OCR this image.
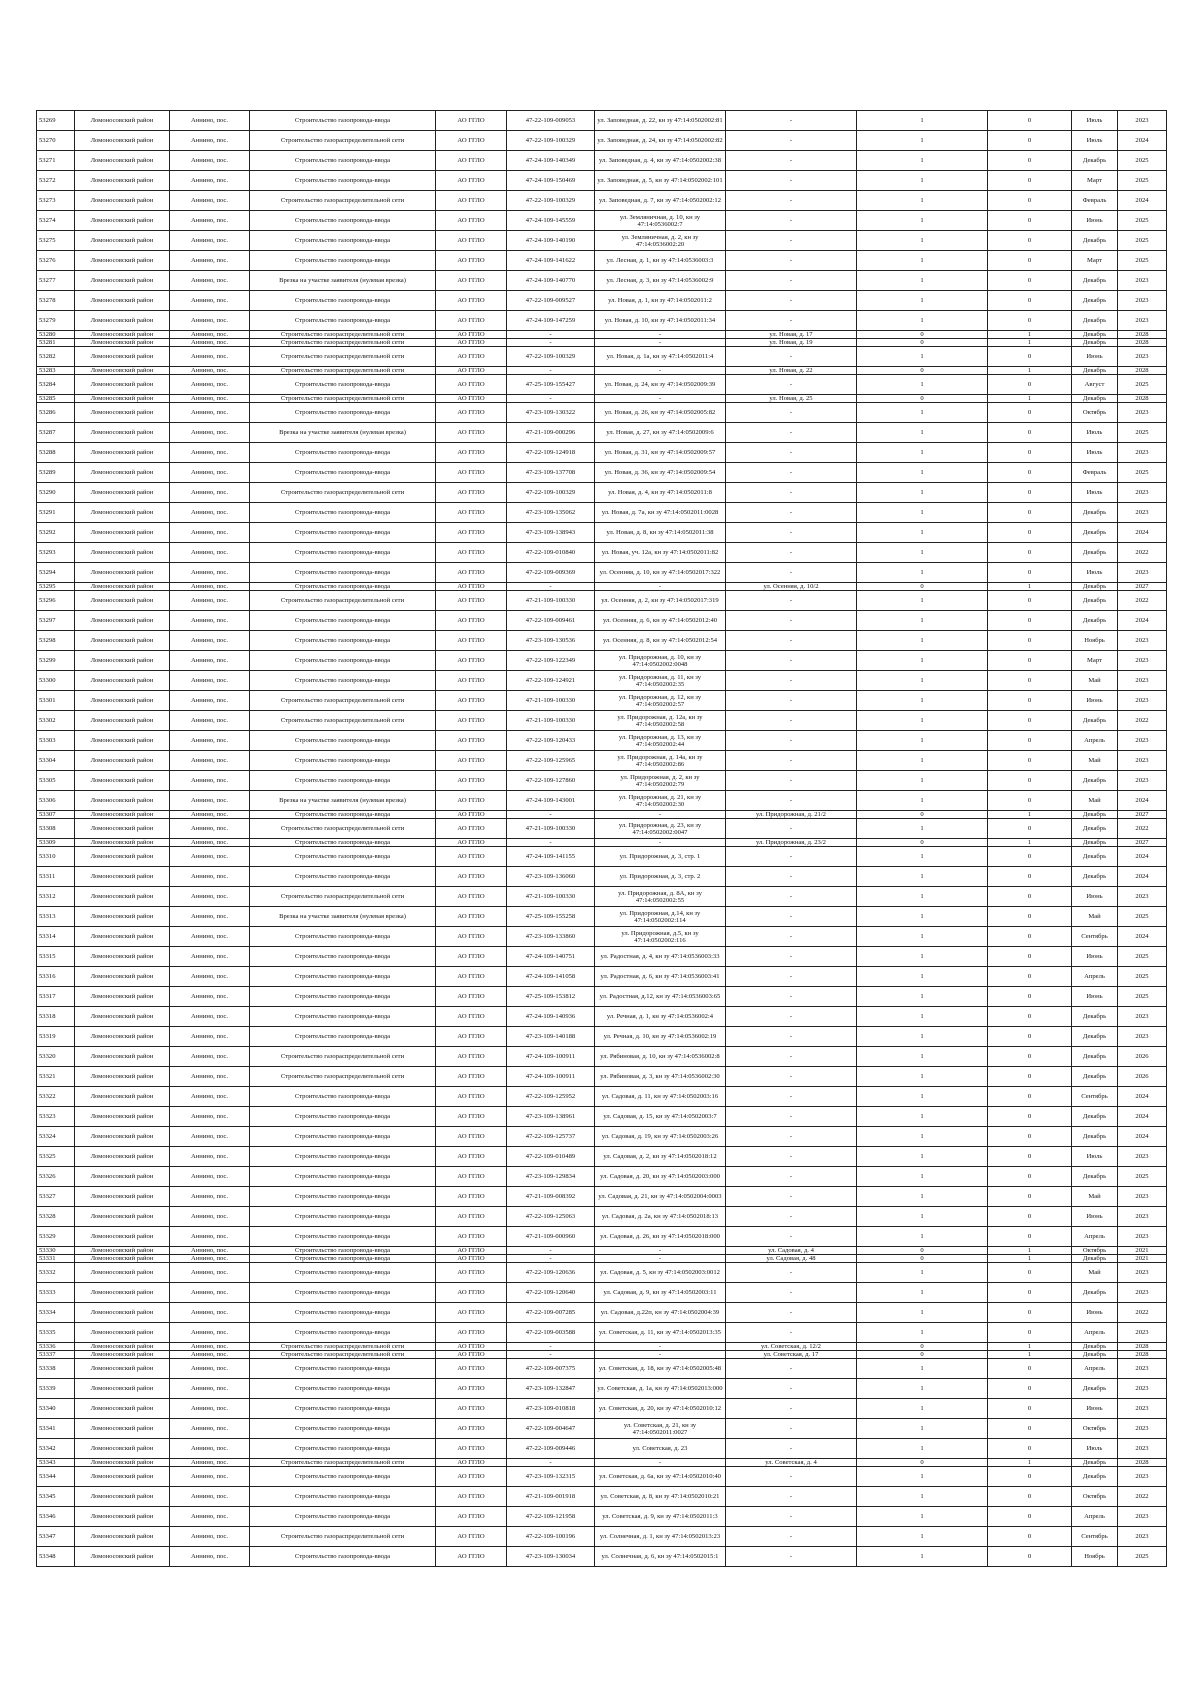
53269	Ломоносовский район	Аннино, пос.	Строительство газопровода-ввода	АО ГГЛО	47-22-109-009053	ул. Заповедная, д. 22, кн зу 47:14:0502002:81	-	1	0	Июль	2023
53270	Ломоносовский район	Аннино, пос.	Строительство газораспределительной сети	АО ГГЛО	47-22-109-100329	ул. Заповедная, д. 24, кн зу 47:14:0502002:82	-	1	0	Июль	2024
53271	Ломоносовский район	Аннино, пос.	Строительство газопровода-ввода	АО ГГЛО	47-24-109-140349	ул. Заповедная, д. 4, кн зу 47:14:0502002:38	-	1	0	Декабрь	2025
53272	Ломоносовский район	Аннино, пос.	Строительство газопровода-ввода	АО ГГЛО	47-24-109-150469	ул. Заповедная, д. 5, кн зу 47:14:0502002:101	-	1	0	Март	2025
53273	Ломоносовский район	Аннино, пос.	Строительство газораспределительной сети	АО ГГЛО	47-22-109-100329	ул. Заповедная, д. 7, кн зу 47:14:0502002:12	-	1	0	Февраль	2024
53274	Ломоносовский район	Аннино, пос.	Строительство газопровода-ввода	АО ГГЛО	47-24-109-145559	ул. Земляничная, д. 10, кн зу 47:14:0536002:7	-	1	0	Июнь	2025
53275	Ломоносовский район	Аннино, пос.	Строительство газопровода-ввода	АО ГГЛО	47-24-109-140190	ул. Земляничная, д. 2, кн зу 47:14:0536002:20	-	1	0	Декабрь	2025
53276	Ломоносовский район	Аннино, пос.	Строительство газопровода-ввода	АО ГГЛО	47-24-109-141622	ул. Лесная, д. 1, кн зу 47:14:0536003:3	-	1	0	Март	2025
53277	Ломоносовский район	Аннино, пос.	Врезка на участке заявителя (нулевая врезка)	АО ГГЛО	47-24-109-140770	ул. Лесная, д. 3, кн зу 47:14:0536002:9	-	1	0	Декабрь	2023
53278	Ломоносовский район	Аннино, пос.	Строительство газопровода-ввода	АО ГГЛО	47-22-109-009527	ул. Новая, д. 1, кн зу 47:14:0502011:2	-	1	0	Декабрь	2023
53279	Ломоносовский район	Аннино, пос.	Строительство газопровода-ввода	АО ГГЛО	47-24-109-147259	ул. Новая, д. 10, кн зу 47:14:0502011:34	-	1	0	Декабрь	2023
53280	Ломоносовский район	Аннино, пос.	Строительство газораспределительной сети	АО ГГЛО	-	-	ул. Новая, д. 17	0	1	Декабрь	2028
53281	Ломоносовский район	Аннино, пос.	Строительство газораспределительной сети	АО ГГЛО	-	-	ул. Новая, д. 19	0	1	Декабрь	2028
53282	Ломоносовский район	Аннино, пос.	Строительство газораспределительной сети	АО ГГЛО	47-22-109-100329	ул. Новая, д. 1а, кн зу 47:14:0502011:4	-	1	0	Июнь	2023
53283	Ломоносовский район	Аннино, пос.	Строительство газораспределительной сети	АО ГГЛО	-	-	ул. Новая, д. 22	0	1	Декабрь	2028
53284	Ломоносовский район	Аннино, пос.	Строительство газопровода-ввода	АО ГГЛО	47-25-109-155427	ул. Новая, д. 24, кн зу 47:14:0502009:39	-	1	0	Август	2025
53285	Ломоносовский район	Аннино, пос.	Строительство газораспределительной сети	АО ГГЛО	-	-	ул. Новая, д. 25	0	1	Декабрь	2028
53286	Ломоносовский район	Аннино, пос.	Строительство газопровода-ввода	АО ГГЛО	47-23-109-130322	ул. Новая, д. 26, кн зу 47:14:0502005:82	-	1	0	Октябрь	2023
53287	Ломоносовский район	Аннино, пос.	Врезка на участке заявителя (нулевая врезка)	АО ГГЛО	47-21-109-000296	ул. Новая, д. 27, кн зу 47:14:0502009:6	-	1	0	Июль	2025
53288	Ломоносовский район	Аннино, пос.	Строительство газопровода-ввода	АО ГГЛО	47-22-109-124918	ул. Новая, д. 31, кн зу 47:14:0502009:57	-	1	0	Июль	2023
53289	Ломоносовский район	Аннино, пос.	Строительство газопровода-ввода	АО ГГЛО	47-23-109-137708	ул. Новая, д. 36, кн зу 47:14:0502009:54	-	1	0	Февраль	2025
53290	Ломоносовский район	Аннино, пос.	Строительство газораспределительной сети	АО ГГЛО	47-22-109-100329	ул. Новая, д. 4, кн зу 47:14:0502011:8	-	1	0	Июль	2023
53291	Ломоносовский район	Аннино, пос.	Строительство газопровода-ввода	АО ГГЛО	47-23-109-135062	ул. Новая, д. 7а, кн зу 47:14:0502011:0028	-	1	0	Декабрь	2023
53292	Ломоносовский район	Аннино, пос.	Строительство газопровода-ввода	АО ГГЛО	47-23-109-138943	ул. Новая, д. 8, кн зу 47:14:0502011:38	-	1	0	Декабрь	2024
53293	Ломоносовский район	Аннино, пос.	Строительство газопровода-ввода	АО ГГЛО	47-22-109-010840	ул. Новая, уч. 12а, кн зу 47:14:0502011:82	-	1	0	Декабрь	2022
53294	Ломоносовский район	Аннино, пос.	Строительство газопровода-ввода	АО ГГЛО	47-22-109-009369	ул. Осенняя, д. 10, кн зу 47:14:0502017:322	-	1	0	Июль	2023
53295	Ломоносовский район	Аннино, пос.	Строительство газопровода-ввода	АО ГГЛО	-	-	ул. Осенняя, д. 10/2	0	1	Декабрь	2027
53296	Ломоносовский район	Аннино, пос.	Строительство газораспределительной сети	АО ГГЛО	47-21-109-100330	ул. Осенняя, д. 2, кн зу 47:14:0502017:319	-	1	0	Декабрь	2022
53297	Ломоносовский район	Аннино, пос.	Строительство газопровода-ввода	АО ГГЛО	47-22-109-009461	ул. Осенняя, д. 6, кн зу 47:14:0502012:40	-	1	0	Декабрь	2024
53298	Ломоносовский район	Аннино, пос.	Строительство газопровода-ввода	АО ГГЛО	47-23-109-130536	ул. Осенняя, д. 8, кн зу 47:14:0502012:54	-	1	0	Ноябрь	2023
53299	Ломоносовский район	Аннино, пос.	Строительство газопровода-ввода	АО ГГЛО	47-22-109-122349	ул. Придорожная, д. 10, кн зу 47:14:0502002:0048	-	1	0	Март	2023
53300	Ломоносовский район	Аннино, пос.	Строительство газопровода-ввода	АО ГГЛО	47-22-109-124921	ул. Придорожная, д. 11, кн зу 47:14:0502002:35	-	1	0	Май	2023
53301	Ломоносовский район	Аннино, пос.	Строительство газораспределительной сети	АО ГГЛО	47-21-109-100330	ул. Придорожная, д. 12, кн зу 47:14:0502002:57	-	1	0	Июнь	2023
53302	Ломоносовский район	Аннино, пос.	Строительство газораспределительной сети	АО ГГЛО	47-21-109-100330	ул. Придорожная, д. 12а, кн зу 47:14:0502002:58	-	1	0	Декабрь	2022
53303	Ломоносовский район	Аннино, пос.	Строительство газопровода-ввода	АО ГГЛО	47-22-109-120433	ул. Придорожная, д. 13, кн зу 47:14:0502002:44	-	1	0	Апрель	2023
53304	Ломоносовский район	Аннино, пос.	Строительство газопровода-ввода	АО ГГЛО	47-22-109-125965	ул. Придорожная, д. 14а, кн зу 47:14:0502002:86	-	1	0	Май	2023
53305	Ломоносовский район	Аннино, пос.	Строительство газопровода-ввода	АО ГГЛО	47-22-109-127860	ул. Придорожная, д. 2, кн зу 47:14:0502002:79	-	1	0	Декабрь	2023
53306	Ломоносовский район	Аннино, пос.	Врезка на участке заявителя (нулевая врезка)	АО ГГЛО	47-24-109-143001	ул. Придорожная, д. 21, кн зу 47:14:0502002:30	-	1	0	Май	2024
53307	Ломоносовский район	Аннино, пос.	Строительство газопровода-ввода	АО ГГЛО	-	-	ул. Придорожная, д. 21/2	0	1	Декабрь	2027
53308	Ломоносовский район	Аннино, пос.	Строительство газораспределительной сети	АО ГГЛО	47-21-109-100330	ул. Придорожная, д. 23, кн зу 47:14:0502002:0047	-	1	0	Декабрь	2022
53309	Ломоносовский район	Аннино, пос.	Строительство газопровода-ввода	АО ГГЛО	-	-	ул. Придорожная, д. 23/2	0	1	Декабрь	2027
53310	Ломоносовский район	Аннино, пос.	Строительство газопровода-ввода	АО ГГЛО	47-24-109-141155	ул. Придорожная, д. 3, стр. 1	-	1	0	Декабрь	2024
53311	Ломоносовский район	Аннино, пос.	Строительство газопровода-ввода	АО ГГЛО	47-23-109-136060	ул. Придорожная, д. 3, стр. 2	-	1	0	Декабрь	2024
53312	Ломоносовский район	Аннино, пос.	Строительство газораспределительной сети	АО ГГЛО	47-21-109-100330	ул. Придорожная, д. 8А, кн зу 47:14:0502002:55	-	1	0	Июнь	2023
53313	Ломоносовский район	Аннино, пос.	Врезка на участке заявителя (нулевая врезка)	АО ГГЛО	47-25-109-155258	ул. Придорожная, д.14, кн зу 47:14:0502002:114	-	1	0	Май	2025
53314	Ломоносовский район	Аннино, пос.	Строительство газопровода-ввода	АО ГГЛО	47-23-109-133860	ул. Придорожная, д.5, кн зу 47:14:0502002:116	-	1	0	Сентябрь	2024
53315	Ломоносовский район	Аннино, пос.	Строительство газопровода-ввода	АО ГГЛО	47-24-109-140751	ул. Радостная, д. 4, кн зу 47:14:0536003:33	-	1	0	Июнь	2025
53316	Ломоносовский район	Аннино, пос.	Строительство газопровода-ввода	АО ГГЛО	47-24-109-141058	ул. Радостная, д. 6, кн зу 47:14:0536003:41	-	1	0	Апрель	2025
53317	Ломоносовский район	Аннино, пос.	Строительство газопровода-ввода	АО ГГЛО	47-25-109-153812	ул. Радостная, д.12, кн зу 47:14:0536003:65	-	1	0	Июнь	2025
53318	Ломоносовский район	Аннино, пос.	Строительство газопровода-ввода	АО ГГЛО	47-24-109-140936	ул. Речная, д. 1, кн зу 47:14:0536002:4	-	1	0	Декабрь	2023
53319	Ломоносовский район	Аннино, пос.	Строительство газопровода-ввода	АО ГГЛО	47-23-109-140188	ул. Речная, д. 10, кн зу 47:14:0536002:19	-	1	0	Декабрь	2023
53320	Ломоносовский район	Аннино, пос.	Строительство газораспределительной сети	АО ГГЛО	47-24-109-100911	ул. Рябиновая, д. 10, кн зу 47:14:0536002:8	-	1	0	Декабрь	2026
53321	Ломоносовский район	Аннино, пос.	Строительство газораспределительной сети	АО ГГЛО	47-24-109-100911	ул. Рябиновая, д. 3, кн зу 47:14:0536002:30	-	1	0	Декабрь	2026
53322	Ломоносовский район	Аннино, пос.	Строительство газопровода-ввода	АО ГГЛО	47-22-109-125952	ул. Садовая, д. 11, кн зу 47:14:0502003:16	-	1	0	Сентябрь	2024
53323	Ломоносовский район	Аннино, пос.	Строительство газопровода-ввода	АО ГГЛО	47-23-109-138961	ул. Садовая, д. 15, кн зу 47:14:0502003:7	-	1	0	Декабрь	2024
53324	Ломоносовский район	Аннино, пос.	Строительство газопровода-ввода	АО ГГЛО	47-22-109-125737	ул. Садовая, д. 19, кн зу 47:14:0502003:26	-	1	0	Декабрь	2024
53325	Ломоносовский район	Аннино, пос.	Строительство газопровода-ввода	АО ГГЛО	47-22-109-010489	ул. Садовая, д. 2, кн зу 47:14:0502018:12	-	1	0	Июль	2023
53326	Ломоносовский район	Аннино, пос.	Строительство газопровода-ввода	АО ГГЛО	47-23-109-129834	ул. Садовая, д. 20, кн зу 47:14:0502003:000	-	1	0	Декабрь	2025
53327	Ломоносовский район	Аннино, пос.	Строительство газопровода-ввода	АО ГГЛО	47-21-109-008392	ул. Садовая, д. 21, кн зу 47:14:0502004:0003	-	1	0	Май	2023
53328	Ломоносовский район	Аннино, пос.	Строительство газопровода-ввода	АО ГГЛО	47-22-109-125063	ул. Садовая, д. 2а, кн зу 47:14:0502018:13	-	1	0	Июнь	2023
53329	Ломоносовский район	Аннино, пос.	Строительство газопровода-ввода	АО ГГЛО	47-21-109-000960	ул. Садовая, д. 26, кн зу 47:14:0502018:000	-	1	0	Апрель	2023
53330	Ломоносовский район	Аннино, пос.	Строительство газопровода-ввода	АО ГГЛО	-	-	ул. Садовая, д. 4	0	1	Октябрь	2021
53331	Ломоносовский район	Аннино, пос.	Строительство газопровода-ввода	АО ГГЛО	-	-	ул. Садовая, д. 48	0	1	Декабрь	2021
53332	Ломоносовский район	Аннино, пос.	Строительство газопровода-ввода	АО ГГЛО	47-22-109-120636	ул. Садовая, д. 5, кн зу 47:14:0502003:0012	-	1	0	Май	2023
53333	Ломоносовский район	Аннино, пос.	Строительство газопровода-ввода	АО ГГЛО	47-22-109-120640	ул. Садовая, д. 9, кн зу 47:14:0502003:11	-	1	0	Декабрь	2023
53334	Ломоносовский район	Аннино, пос.	Строительство газопровода-ввода	АО ГГЛО	47-22-109-007285	ул. Садовая, д.22п, кн зу 47:14:0502004:39	-	1	0	Июнь	2022
53335	Ломоносовский район	Аннино, пос.	Строительство газопровода-ввода	АО ГГЛО	47-22-109-003588	ул. Советская, д. 11, кн зу 47:14:0502013:35	-	1	0	Апрель	2023
53336	Ломоносовский район	Аннино, пос.	Строительство газораспределительной сети	АО ГГЛО	-	-	ул. Советская, д. 12/2	0	1	Декабрь	2028
53337	Ломоносовский район	Аннино, пос.	Строительство газораспределительной сети	АО ГГЛО	-	-	ул. Советская, д. 17	0	1	Декабрь	2028
53338	Ломоносовский район	Аннино, пос.	Строительство газопровода-ввода	АО ГГЛО	47-22-109-007375	ул. Советская, д. 18, кн зу 47:14:0502005:48	-	1	0	Апрель	2023
53339	Ломоносовский район	Аннино, пос.	Строительство газопровода-ввода	АО ГГЛО	47-23-109-132847	ул. Советская, д. 1а, кн зу 47:14:0502013:000	-	1	0	Декабрь	2023
53340	Ломоносовский район	Аннино, пос.	Строительство газопровода-ввода	АО ГГЛО	47-23-109-010818	ул. Советская, д. 20, кн зу 47:14:0502010:12	-	1	0	Июнь	2023
53341	Ломоносовский район	Аннино, пос.	Строительство газопровода-ввода	АО ГГЛО	47-22-109-004647	ул. Советская, д. 21, кн зу 47:14:0502011:0027	-	1	0	Октябрь	2023
53342	Ломоносовский район	Аннино, пос.	Строительство газопровода-ввода	АО ГГЛО	47-22-109-009446	ул. Советская, д. 23	-	1	0	Июль	2023
53343	Ломоносовский район	Аннино, пос.	Строительство газораспределительной сети	АО ГГЛО	-	-	ул. Советская, д. 4	0	1	Декабрь	2028
53344	Ломоносовский район	Аннино, пос.	Строительство газопровода-ввода	АО ГГЛО	47-23-109-132315	ул. Советская, д. 6а, кн зу 47:14:0502010:40	-	1	0	Декабрь	2023
53345	Ломоносовский район	Аннино, пос.	Строительство газопровода-ввода	АО ГГЛО	47-21-109-001918	ул. Советская, д. 8, кн зу 47:14:0502010:21	-	1	0	Октябрь	2022
53346	Ломоносовский район	Аннино, пос.	Строительство газопровода-ввода	АО ГГЛО	47-22-109-121958	ул. Советская, д. 9, кн зу 47:14:0502011:3	-	1	0	Апрель	2023
53347	Ломоносовский район	Аннино, пос.	Строительство газораспределительной сети	АО ГГЛО	47-22-109-100196	ул. Солнечная, д. 1, кн зу 47:14:0502013:23	-	1	0	Сентябрь	2023
53348	Ломоносовский район	Аннино, пос.	Строительство газопровода-ввода	АО ГГЛО	47-23-109-130034	ул. Солнечная, д. 6, кн зу 47:14:0502015:1	-	1	0	Ноябрь	2025
